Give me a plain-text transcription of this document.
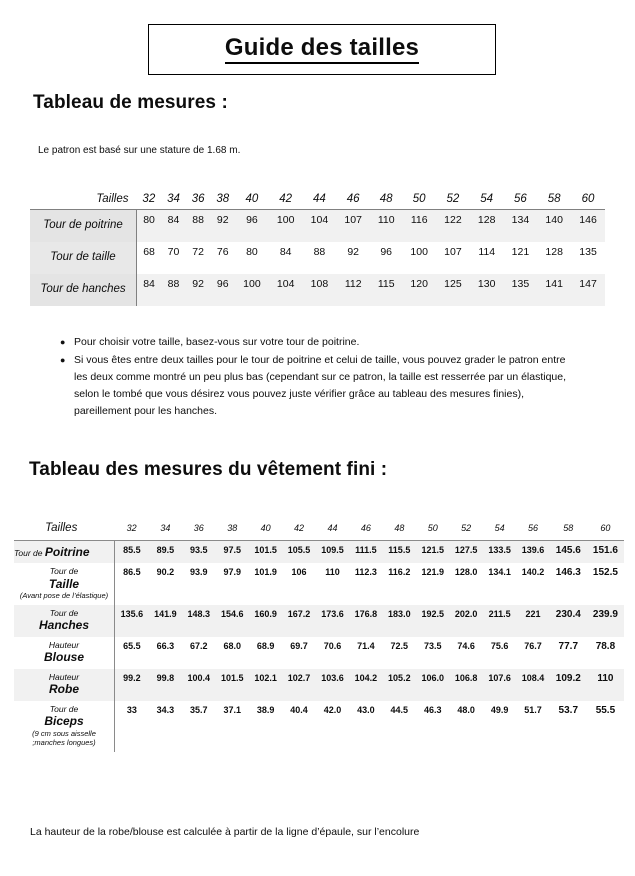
Guide des tailles
Tableau de mesures :
Le patron est basé sur une stature de 1.68 m.
Tailles	32	34	36	38	40	42	44	46	48	50	52	54	56	58	60
Tour de poitrine	80	84	88	92	96	100	104	107	110	116	122	128	134	140	146
Tour de taille	68	70	72	76	80	84	88	92	96	100	107	114	121	128	135
Tour de hanches	84	88	92	96	100	104	108	112	115	120	125	130	135	141	147
● Pour choisir votre taille, basez-vous sur votre tour de poitrine.
● Si vous êtes entre deux tailles pour le tour de poitrine et celui de taille, vous pouvez grader le patron entre les deux comme montré un peu plus bas (cependant sur ce patron, la taille est resserrée par un élastique, selon le tombé que vous désirez vous pouvez juste vérifier grâce au tableau des mesures finies), pareillement pour les hanches.
Tableau des mesures du vêtement fini :
Tailles	32	34	36	38	40	42	44	46	48	50	52	54	56	58	60
Tour de Poitrine	85.5	89.5	93.5	97.5	101.5	105.5	109.5	111.5	115.5	121.5	127.5	133.5	139.6	145.6	151.6

Tour de
Taille
(Avant pose de l’élastique)	86.5	90.2	93.9	97.9	101.9	106	110	112.3	116.2	121.9	128.0	134.1	140.2	146.3	152.5

Tour de
Hanches	135.6	141.9	148.3	154.6	160.9	167.2	173.6	176.8	183.0	192.5	202.0	211.5	221	230.4	239.9

Hauteur
Blouse	65.5	66.3	67.2	68.0	68.9	69.7	70.6	71.4	72.5	73.5	74.6	75.6	76.7	77.7	78.8

Hauteur
Robe	99.2	99.8	100.4	101.5	102.1	102.7	103.6	104.2	105.2	106.0	106.8	107.6	108.4	109.2	110

Tour de
Biceps
(9 cm sous aisselle ;manches longues)	33	34.3	35.7	37.1	38.9	40.4	42.0	43.0	44.5	46.3	48.0	49.9	51.7	53.7	55.5
La hauteur de la robe/blouse est calculée à partir de la ligne d’épaule, sur l’encolure
